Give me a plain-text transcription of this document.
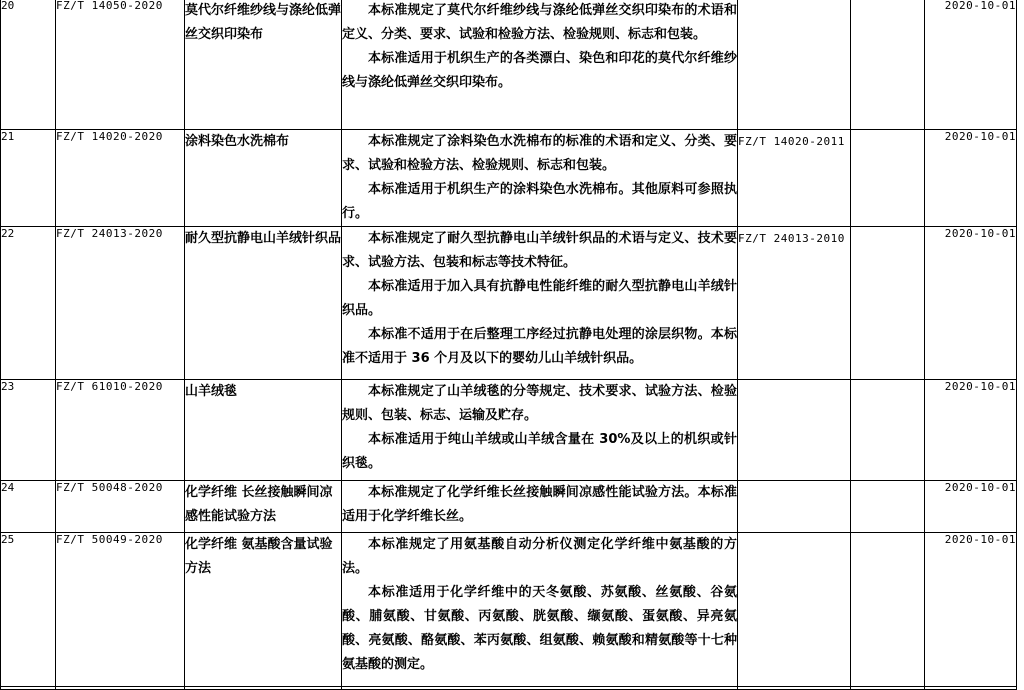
20	FZ/T 14050-2020	莫代尔纤维纱线与涤纶低弹丝交织印染布	本标准规定了莫代尔纤维纱线与涤纶低弹丝交织印染布的术语和定义、分类、要求、试验和检验方法、检验规则、标志和包装。

本标准适用于机织生产的各类漂白、染色和印花的莫代尔纤维纱线与涤纶低弹丝交织印染布。			2020-10-01
21	FZ/T 14020-2020	涂料染色水洗棉布	本标准规定了涂料染色水洗棉布的标准的术语和定义、分类、要求、试验和检验方法、检验规则、标志和包装。

本标准适用于机织生产的涂料染色水洗棉布。其他原料可参照执行。	FZ/T 14020-2011		2020-10-01
22	FZ/T 24013-2020	耐久型抗静电山羊绒针织品	本标准规定了耐久型抗静电山羊绒针织品的术语与定义、技术要求、试验方法、包装和标志等技术特征。

本标准适用于加入具有抗静电性能纤维的耐久型抗静电山羊绒针织品。

本标准不适用于在后整理工序经过抗静电处理的涂层织物。本标准不适用于 36 个月及以下的婴幼儿山羊绒针织品。	FZ/T 24013-2010		2020-10-01
23	FZ/T 61010-2020	山羊绒毯	本标准规定了山羊绒毯的分等规定、技术要求、试验方法、检验规则、包装、标志、运输及贮存。

本标准适用于纯山羊绒或山羊绒含量在 30%及以上的机织或针织毯。			2020-10-01
24	FZ/T 50048-2020	化学纤维 长丝接触瞬间凉感性能试验方法	本标准规定了化学纤维长丝接触瞬间凉感性能试验方法。本标准适用于化学纤维长丝。			2020-10-01
25	FZ/T 50049-2020	化学纤维 氨基酸含量试验方法	本标准规定了用氨基酸自动分析仪测定化学纤维中氨基酸的方法。

本标准适用于化学纤维中的天冬氨酸、苏氨酸、丝氨酸、谷氨酸、脯氨酸、甘氨酸、丙氨酸、胱氨酸、缬氨酸、蛋氨酸、异亮氨酸、亮氨酸、酪氨酸、苯丙氨酸、组氨酸、赖氨酸和精氨酸等十七种氨基酸的测定。			2020-10-01
